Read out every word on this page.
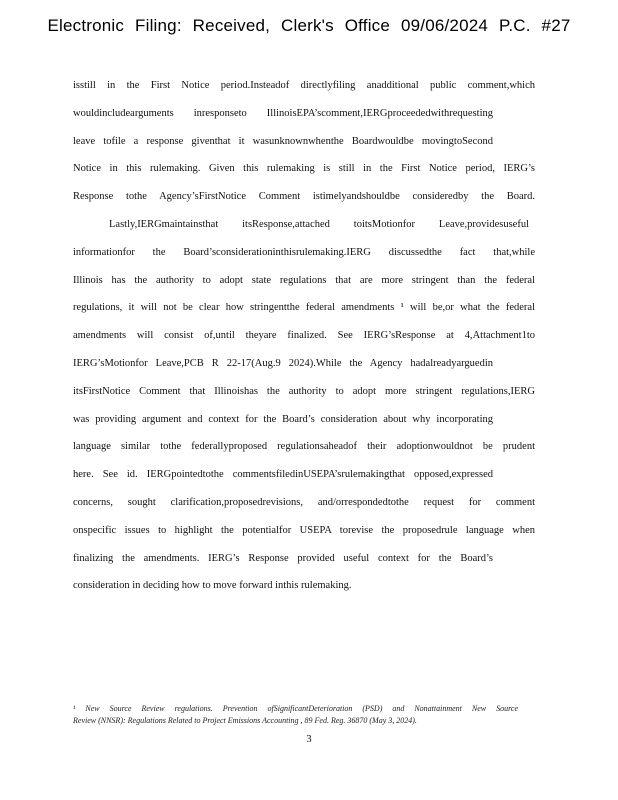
Electronic Filing: Received, Clerk's Office 09/06/2024 P.C. #27
isstill in the First Notice period.Insteadof directlyfiling anadditional public comment,which
wouldincludearguments inresponseto IllinoisEPA’scomment,IERGproceededwithrequesting
leave tofile a response giventhat it wasunknownwhenthe Boardwouldbe movingtoSecond
Notice in this rulemaking. Given this rulemaking is still in the First Notice period, IERG’s
Response tothe Agency’sFirstNotice Comment istimelyandshouldbe consideredby the Board.
Lastly,IERGmaintainsthat itsResponse,attached toitsMotionfor Leave,providesuseful
informationfor the Board’sconsiderationinthisrulemaking.IERG discussedthe fact that,while
Illinois has the authority to adopt state regulations that are more stringent than the federal
regulations, it will not be clear how stringentthe federal amendments ¹ will be,or what the federal
amendments will consist of,until theyare finalized. See IERG’sResponse at 4,Attachment1to
IERG’sMotionfor Leave,PCB R 22-17(Aug.9 2024).While the Agency hadalreadyarguedin
itsFirstNotice Comment that Illinoishas the authority to adopt more stringent regulations,IERG
was providing argument and context for the Board’s consideration about why incorporating
language similar tothe federallyproposed regulationsaheadof their adoptionwouldnot be prudent
here. See id. IERGpointedtothe commentsfiledinUSEPA’srulemakingthat opposed,expressed
concerns, sought clarification,proposedrevisions, and/orrespondedtothe request for comment
onspecific issues to highlight the potentialfor USEPA torevise the proposedrule language when
finalizing the amendments. IERG’s Response provided useful context for the Board’s
consideration in deciding how to move forward inthis rulemaking.
¹ New Source Review regulations. Prevention ofSignificantDeterioration (PSD) and Nonattainment New Source
Review (NNSR): Regulations Related to Project Emissions Accounting , 89 Fed. Reg. 36870 (May 3, 2024).
3
